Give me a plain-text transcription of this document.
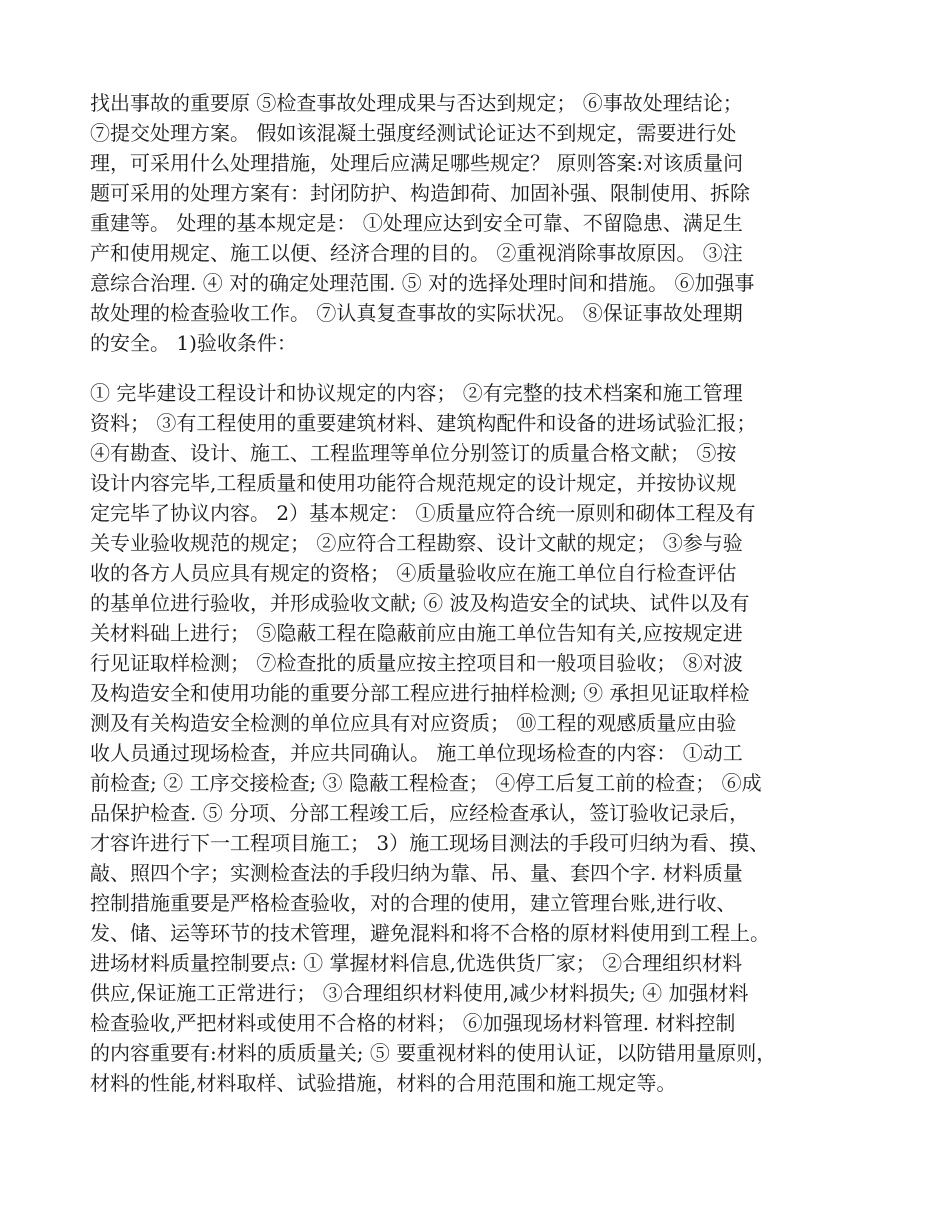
找出事故的重要原 ⑤检查事故处理成果与否达到规定； ⑥事故处理结论；
⑦提交处理方案。 假如该混凝土强度经测试论证达不到规定，需要进行处
理，可采用什么处理措施，处理后应满足哪些规定？ 原则答案:对该质量问
题可采用的处理方案有：封闭防护、构造卸荷、加固补强、限制使用、拆除
重建等。 处理的基本规定是： ①处理应达到安全可靠、不留隐患、满足生
产和使用规定、施工以便、经济合理的目的。 ②重视消除事故原因。 ③注
意综合治理. ④ 对的确定处理范围. ⑤ 对的选择处理时间和措施。 ⑥加强事
故处理的检查验收工作。 ⑦认真复查事故的实际状况。 ⑧保证事故处理期
的安全。 1)验收条件：
① 完毕建设工程设计和协议规定的内容； ②有完整的技术档案和施工管理
资料； ③有工程使用的重要建筑材料、建筑构配件和设备的进场试验汇报；
④有勘查、设计、施工、工程监理等单位分别签订的质量合格文献； ⑤按
设计内容完毕,工程质量和使用功能符合规范规定的设计规定，并按协议规
定完毕了协议内容。 2）基本规定： ①质量应符合统一原则和砌体工程及有
关专业验收规范的规定； ②应符合工程勘察、设计文献的规定； ③参与验
收的各方人员应具有规定的资格； ④质量验收应在施工单位自行检查评估
的基单位进行验收，并形成验收文献; ⑥ 波及构造安全的试块、试件以及有
关材料础上进行； ⑤隐蔽工程在隐蔽前应由施工单位告知有关,应按规定进
行见证取样检测； ⑦检查批的质量应按主控项目和一般项目验收； ⑧对波
及构造安全和使用功能的重要分部工程应进行抽样检测; ⑨ 承担见证取样检
测及有关构造安全检测的单位应具有对应资质； ⑩工程的观感质量应由验
收人员通过现场检查，并应共同确认。 施工单位现场检查的内容： ①动工
前检查; ② 工序交接检查; ③ 隐蔽工程检查； ④停工后复工前的检查； ⑥成
品保护检查. ⑤ 分项、分部工程竣工后，应经检查承认，签订验收记录后，
才容许进行下一工程项目施工； 3）施工现场目测法的手段可归纳为看、摸、
敲、照四个字；实测检查法的手段归纳为靠、吊、量、套四个字. 材料质量
控制措施重要是严格检查验收，对的合理的使用，建立管理台账,进行收、
发、储、运等环节的技术管理，避免混料和将不合格的原材料使用到工程上。
进场材料质量控制要点: ① 掌握材料信息,优选供货厂家； ②合理组织材料
供应,保证施工正常进行； ③合理组织材料使用,减少材料损失; ④ 加强材料
检查验收,严把材料或使用不合格的材料； ⑥加强现场材料管理. 材料控制
的内容重要有:材料的质质量关; ⑤ 要重视材料的使用认证，以防错用量原则，
材料的性能,材料取样、试验措施，材料的合用范围和施工规定等。
